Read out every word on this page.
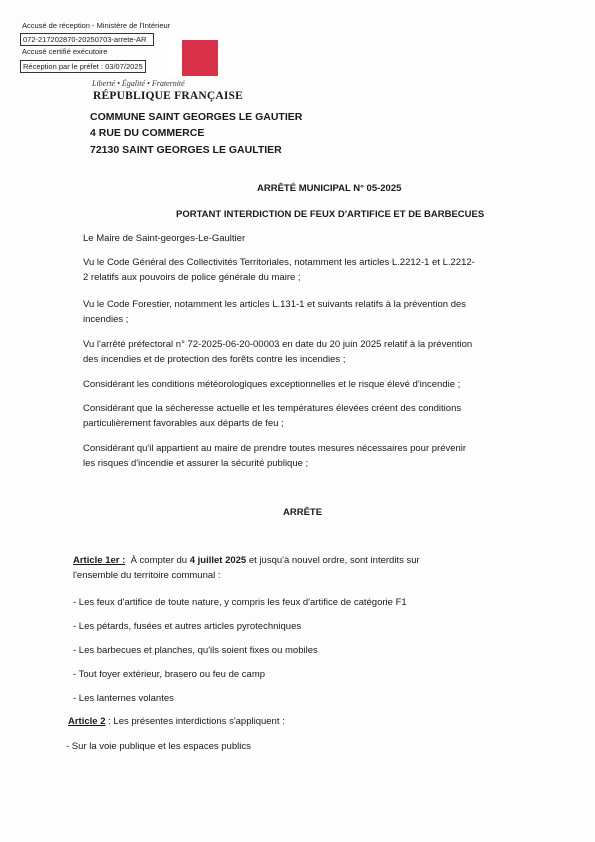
Accusé de réception - Ministère de l'Intérieur
072-217202870-20250703-arrete-AR
Accusé certifié exécutoire
Réception par le préfet : 03/07/2025
Liberté • Égalité • Fraternité
RÉPUBLIQUE FRANÇAISE
COMMUNE SAINT GEORGES LE GAUTIER
4 RUE DU COMMERCE
72130 SAINT GEORGES LE GAULTIER
ARRÊTÉ MUNICIPAL N° 05-2025
PORTANT INTERDICTION DE FEUX D'ARTIFICE ET DE BARBECUES
Le Maire de Saint-georges-Le-Gaultier
Vu le Code Général des Collectivités Territoriales, notamment les articles L.2212-1 et L.2212-
2 relatifs aux pouvoirs de police générale du maire ;
Vu le Code Forestier, notamment les articles L.131-1 et suivants relatifs à la prévention des
incendies ;
Vu l'arrêté préfectoral n° 72-2025-06-20-00003 en date du 20 juin 2025 relatif à la prévention
des incendies et de protection des forêts contre les incendies ;
Considérant les conditions météorologiques exceptionnelles et le risque élevé d'incendie ;
Considérant que la sécheresse actuelle et les températures élevées créent des conditions
particulièrement favorables aux départs de feu ;
Considérant qu'il appartient au maire de prendre toutes mesures nécessaires pour prévenir
les risques d'incendie et assurer la sécurité publique ;
ARRÊTE
Article 1er : À compter du 4 juillet 2025 et jusqu'à nouvel ordre, sont interdits sur
l'ensemble du territoire communal :
- Les feux d'artifice de toute nature, y compris les feux d'artifice de catégorie F1
- Les pétards, fusées et autres articles pyrotechniques
- Les barbecues et planches, qu'ils soient fixes ou mobiles
- Tout foyer extérieur, brasero ou feu de camp
- Les lanternes volantes
Article 2 : Les présentes interdictions s'appliquent :
- Sur la voie publique et les espaces publics
